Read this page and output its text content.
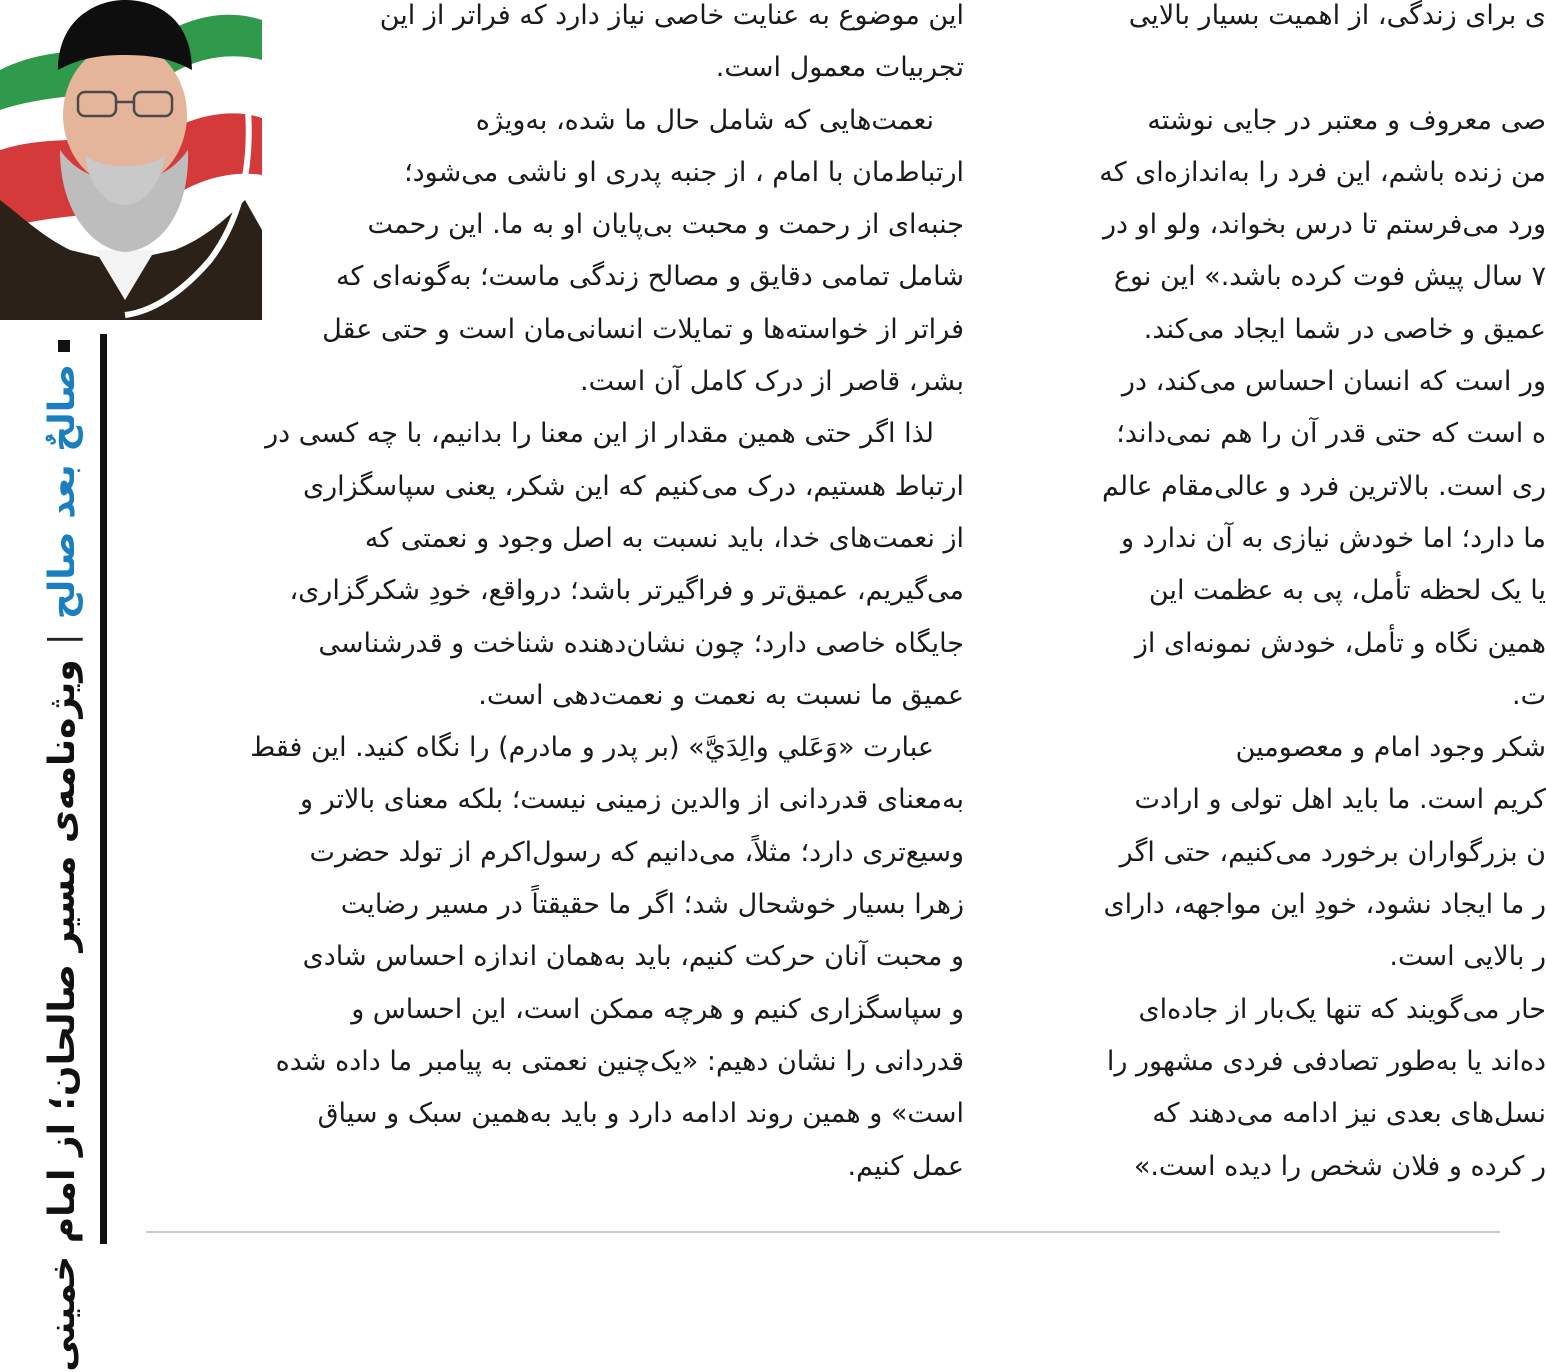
صالحٌ بعد صالح|ویژه‌نامه‌ی مسیر صالحان؛ از امام خمینی
این موضوع به عنایت خاصی نیاز دارد که فراتر از این
تجربیات معمول است.
نعمت‌هایی که شامل حال ما شده، به‌ویژه
ارتباط‌مان با امام ، از جنبه پدری او ناشی می‌شود؛
جنبه‌ای از رحمت و محبت بی‌پایان او به ما. این رحمت
شامل تمامی دقایق و مصالح زندگی ماست؛ به‌گونه‌ای که
فراتر از خواسته‌ها و تمایلات انسانی‌مان است و حتی عقل
بشر، قاصر از درک کامل آن است.
لذا اگر حتی همین مقدار از این معنا را بدانیم، با چه کسی در
ارتباط هستیم، درک می‌کنیم که این شکر، یعنی سپاسگزاری
از نعمت‌های خدا، باید نسبت به اصل وجود و نعمتی که
می‌گیریم، عمیق‌تر و فراگیرتر باشد؛ درواقع، خودِ شکرگزاری،
جایگاه خاصی دارد؛ چون نشان‌دهنده شناخت و قدرشناسی
عمیق ما نسبت به نعمت و نعمت‌دهی است.
عبارت «وَعَلي والِدَيَّ» (بر پدر و مادرم) را نگاه کنید. این فقط
به‌معنای قدردانی از والدین زمینی نیست؛ بلکه معنای بالاتر و
وسیع‌تری دارد؛ مثلاً، می‌دانیم که رسول‌اکرم از تولد حضرت
زهرا بسیار خوشحال شد؛ اگر ما حقیقتاً در مسیر رضایت
و محبت آنان حرکت کنیم، باید به‌همان اندازه احساس شادی
و سپاسگزاری کنیم و هرچه ممکن است، این احساس و
قدردانی را نشان دهیم: «یک‌چنین نعمتی به پیامبر ما داده شده
است» و همین روند ادامه دارد و باید به‌همین سبک و سیاق
عمل کنیم.
ی برای زندگی، از اهمیت بسیار بالایی
صی معروف و معتبر در جایی نوشته
من زنده باشم، این فرد را به‌اندازه‌ای که
ورد می‌فرستم تا درس بخواند، ولو او در
۷ سال پیش فوت کرده باشد.» این نوع
عمیق و خاصی در شما ایجاد می‌کند.
ور است که انسان احساس می‌کند، در
ه است که حتی قدر آن را هم نمی‌داند؛
ری است. بالاترین فرد و عالی‌مقام عالم
ما دارد؛ اما خودش نیازی به آن ندارد و
یا یک لحظه تأمل، پی به عظمت این
همین نگاه و تأمل، خودش نمونه‌ای از
ت.
شکر وجود امام و معصومین
کریم است. ما باید اهل تولی و ارادت
ن بزرگواران برخورد می‌کنیم، حتی اگر
ر ما ایجاد نشود، خودِ این مواجهه، دارای
ر بالایی است.
حار می‌گویند که تنها یک‌بار از جاده‌ای
ده‌اند یا به‌طور تصادفی فردی مشهور را
نسل‌های بعدی نیز ادامه می‌دهند که
ر کرده و فلان شخص را دیده است.»
